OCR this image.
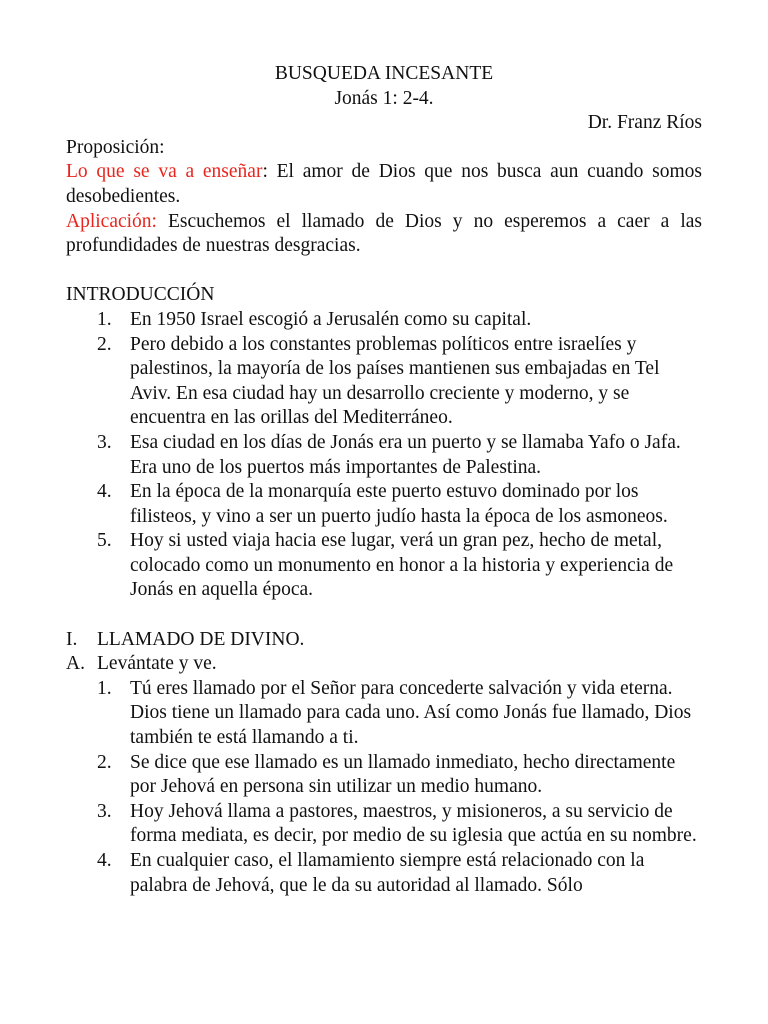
BUSQUEDA INCESANTE
Jonás 1: 2-4.
Dr. Franz Ríos
Proposición:
Lo que se va a enseñar: El amor de Dios que nos busca aun cuando somos desobedientes.
Aplicación: Escuchemos el llamado de Dios y no esperemos a caer a las profundidades de nuestras desgracias.
INTRODUCCIÓN
1. En 1950 Israel escogió a Jerusalén como su capital.
2. Pero debido a los constantes problemas políticos entre israelíes y palestinos, la mayoría de los países mantienen sus embajadas en Tel Aviv. En esa ciudad hay un desarrollo creciente y moderno, y se encuentra en las orillas del Mediterráneo.
3. Esa ciudad en los días de Jonás era un puerto y se llamaba Yafo o Jafa. Era uno de los puertos más importantes de Palestina.
4. En la época de la monarquía este puerto estuvo dominado por los filisteos, y vino a ser un puerto judío hasta la época de los asmoneos.
5. Hoy si usted viaja hacia ese lugar, verá un gran pez, hecho de metal, colocado como un monumento en honor a la historia y experiencia de Jonás en aquella época.
I. LLAMADO DE DIVINO.
A. Levántate y ve.
1. Tú eres llamado por el Señor para concederte salvación y vida eterna. Dios tiene un llamado para cada uno. Así como Jonás fue llamado, Dios también te está llamando a ti.
2. Se dice que ese llamado es un llamado inmediato, hecho directamente por Jehová en persona sin utilizar un medio humano.
3. Hoy Jehová llama a pastores, maestros, y misioneros, a su servicio de forma mediata, es decir, por medio de su iglesia que actúa en su nombre.
4. En cualquier caso, el llamamiento siempre está relacionado con la palabra de Jehová, que le da su autoridad al llamado. Sólo
